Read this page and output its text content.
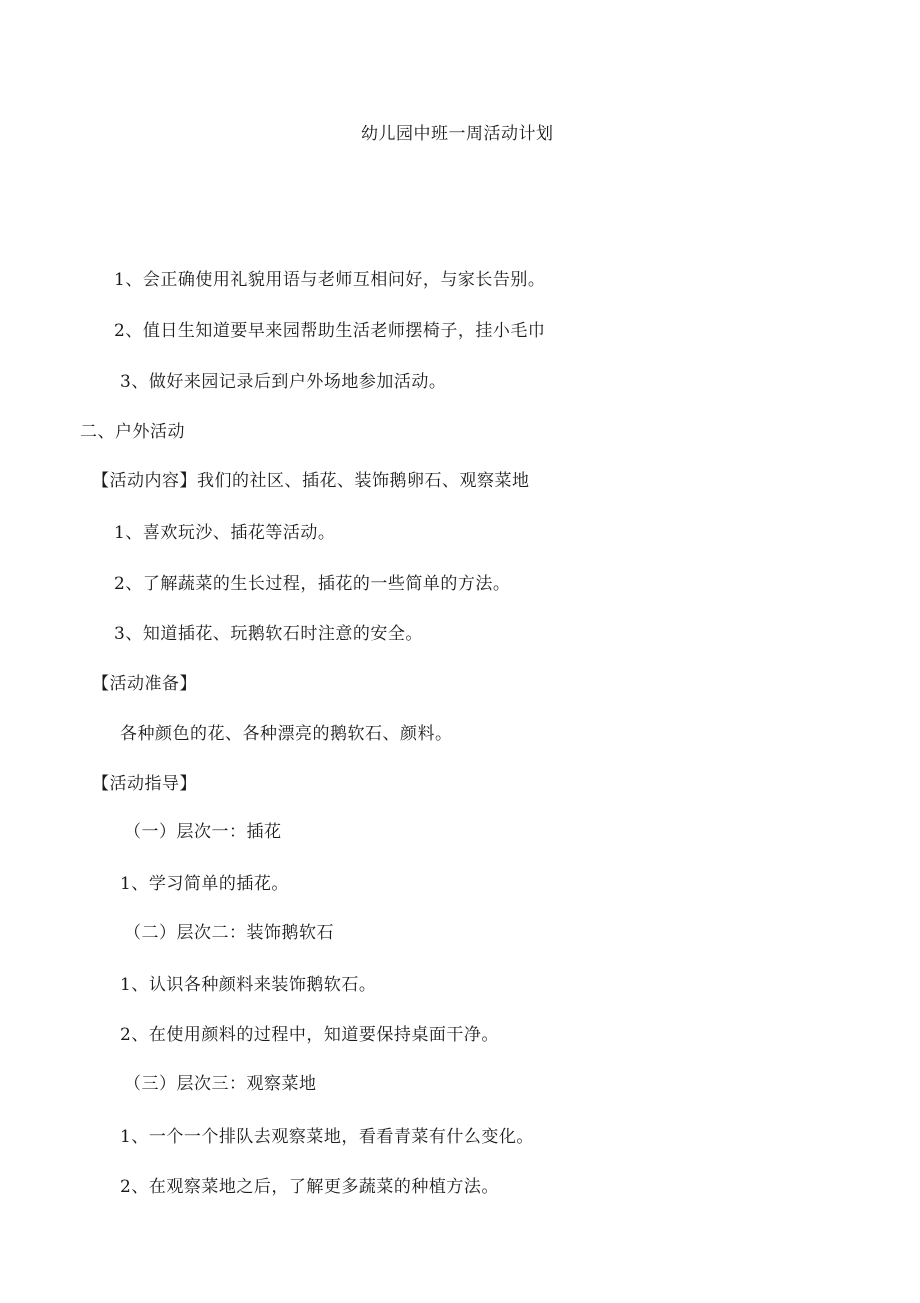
幼儿园中班一周活动计划
1、会正确使用礼貌用语与老师互相问好，与家长告别。
2、值日生知道要早来园帮助生活老师摆椅子，挂小毛巾
3、做好来园记录后到户外场地参加活动。
二、户外活动
【活动内容】我们的社区、插花、装饰鹅卵石、观察菜地
1、喜欢玩沙、插花等活动。
2、了解蔬菜的生长过程，插花的一些简单的方法。
3、知道插花、玩鹅软石时注意的安全。
【活动准备】
各种颜色的花、各种漂亮的鹅软石、颜料。
【活动指导】
（一）层次一：插花
1、学习简单的插花。
（二）层次二：装饰鹅软石
1、认识各种颜料来装饰鹅软石。
2、在使用颜料的过程中，知道要保持桌面干净。
（三）层次三：观察菜地
1、一个一个排队去观察菜地，看看青菜有什么变化。
2、在观察菜地之后，了解更多蔬菜的种植方法。
